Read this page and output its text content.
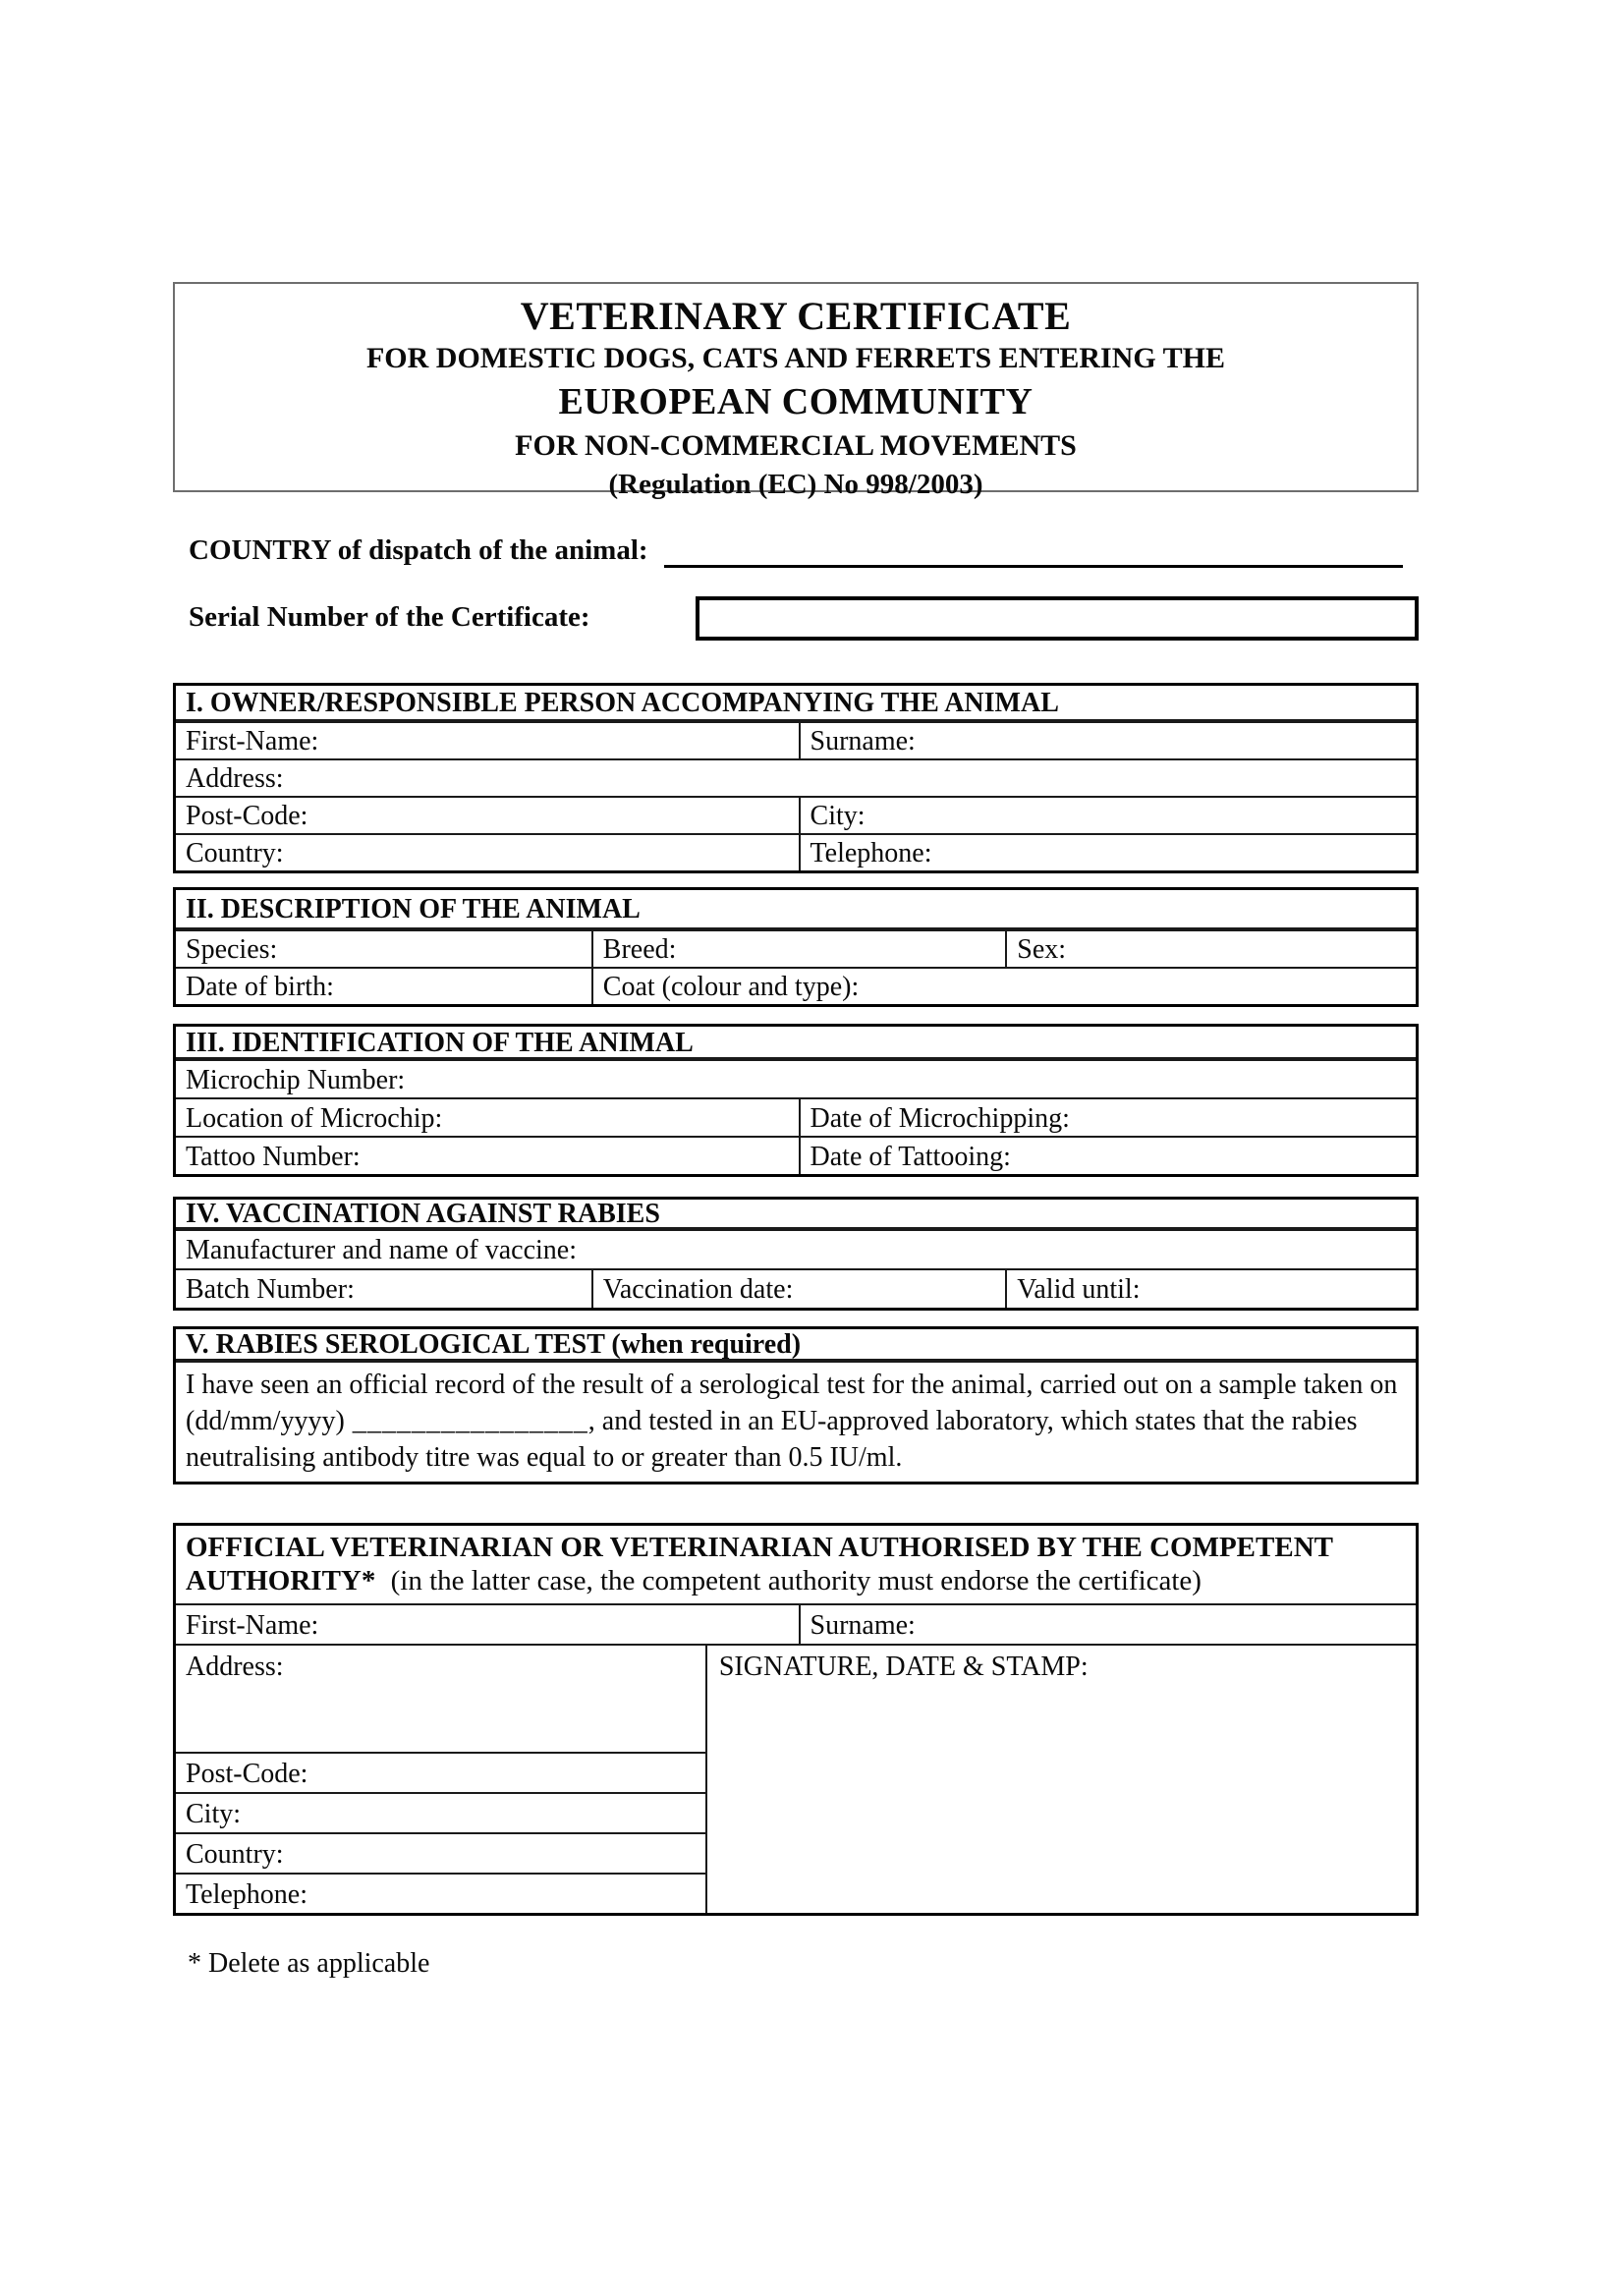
VETERINARY CERTIFICATE
FOR DOMESTIC DOGS, CATS AND FERRETS ENTERING THE
EUROPEAN COMMUNITY
FOR NON-COMMERCIAL MOVEMENTS
(Regulation (EC) No 998/2003)
COUNTRY of dispatch of the animal:
Serial Number of the Certificate:
I. OWNER/RESPONSIBLE PERSON ACCOMPANYING THE ANIMAL
First-Name:	Surname:
Address:
Post-Code:	City:
Country:	Telephone:
II. DESCRIPTION OF THE ANIMAL
Species:	Breed:	Sex:
Date of birth:	Coat (colour and type):
III. IDENTIFICATION OF THE ANIMAL
Microchip Number:
Location of Microchip:	Date of Microchipping:
Tattoo Number:	Date of Tattooing:
IV. VACCINATION AGAINST RABIES
Manufacturer and name of vaccine:
Batch Number:	Vaccination date:	Valid until:
V. RABIES SEROLOGICAL TEST (when required)
I have seen an official record of the result of a serological test for the animal, carried out on a sample taken on (dd/mm/yyyy) ________________, and tested in an EU-approved laboratory, which states that the rabies neutralising antibody titre was equal to or greater than 0.5 IU/ml.
OFFICIAL VETERINARIAN OR VETERINARIAN AUTHORISED BY THE COMPETENT AUTHORITY* (in the latter case, the competent authority must endorse the certificate)
First-Name:	Surname:
Address:
Post-Code:
City:
Country:
Telephone:
SIGNATURE, DATE & STAMP:
* Delete as applicable
